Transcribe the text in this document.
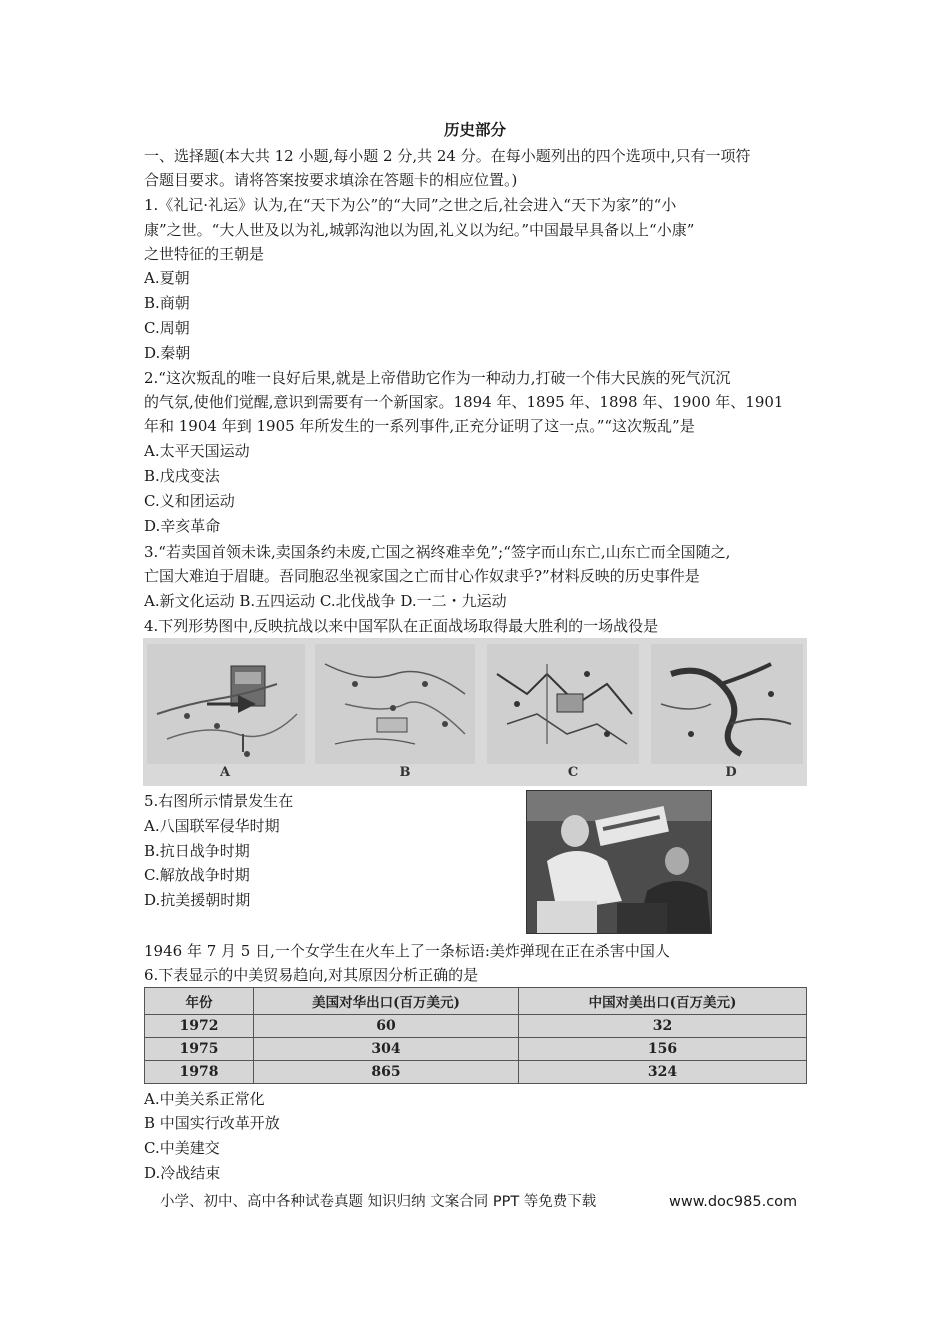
历史部分
一、选择题(本大共 12 小题,每小题 2 分,共 24 分。在每小题列出的四个选项中,只有一项符
合题目要求。请将答案按要求填涂在答题卡的相应位置。)
1.《礼记·礼运》认为,在“天下为公”的“大同”之世之后,社会进入“天下为家”的“小
康”之世。“大人世及以为礼,城郭沟池以为固,礼义以为纪。”中国最早具备以上“小康”
之世特征的王朝是
A.夏朝
B.商朝
C.周朝
D.秦朝
2.“这次叛乱的唯一良好后果,就是上帝借助它作为一种动力,打破一个伟大民族的死气沉沉
的气氛,使他们觉醒,意识到需要有一个新国家。1894 年、1895 年、1898 年、1900 年、1901
年和 1904 年到 1905 年所发生的一系列事件,正充分证明了这一点。”“这次叛乱”是
A.太平天国运动
B.戊戌变法
C.义和团运动
D.辛亥革命
3.“若卖国首领未诛,卖国条约未废,亡国之祸终难幸免”;“签字而山东亡,山东亡而全国随之,
亡国大难迫于眉睫。吾同胞忍坐视家国之亡而甘心作奴隶乎?”材料反映的历史事件是
A.新文化运动 B.五四运动 C.北伐战争 D.一二・九运动
4.下列形势图中,反映抗战以来中国军队在正面战场取得最大胜利的一场战役是
A	B	C	D
5.右图所示情景发生在
A.八国联军侵华时期
B.抗日战争时期
C.解放战争时期
D.抗美援朝时期
1946 年 7 月 5 日,一个女学生在火车上了一条标语:美炸弹现在正在杀害中国人
6.下表显示的中美贸易趋向,对其原因分析正确的是
年份	美国对华出口(百万美元)	中国对美出口(百万美元)
1972	60	32
1975	304	156
1978	865	324
A.中美关系正常化
B 中国实行改革开放
C.中美建交
D.冷战结束
小学、初中、高中各种试卷真题 知识归纳 文案合同 PPT 等免费下载	www.doc985.com
